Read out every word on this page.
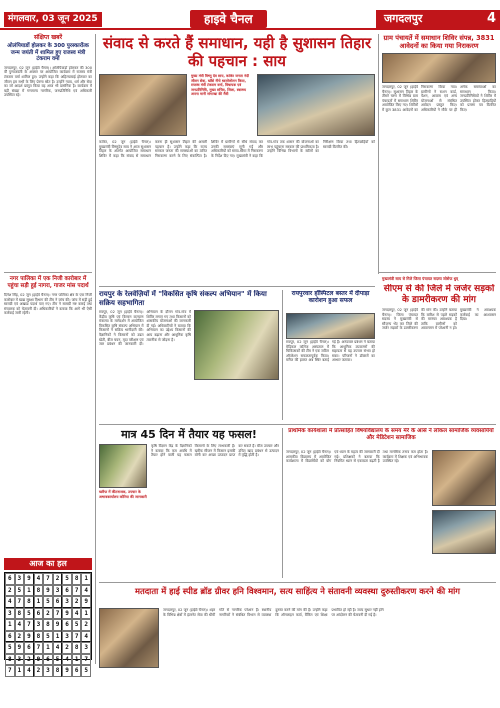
मंगलवार, 03 जून 2025	हाइवे चैनल	जगदलपुर	4
संक्षिप्त खबरें
ओलंपियाडों होलकर के 300 पुरस्कारोंत्क जन्म जयंती में शामिल हुए राजस्व मंत्री टंकराम वर्मा
जगदलपुर, 02 जून (हाईवे चैनल)। ओलंपियाडों होलकर की 300 वीं पुण्यजयंती के अवसर पर आयोजित कार्यक्रम में राजस्व मंत्री टंकराम वर्मा शामिल हुए। उन्होंने कहा कि अहिल्याबाई होलकर का जीवन हम सभी के लिए प्रेरणा स्रोत है। उन्होंने न्याय, धर्म और सेवा का जो आदर्श प्रस्तुत किया वह आज भी प्रासंगिक है। कार्यक्रम में बड़ी संख्या में गणमान्य नागरिक, जनप्रतिनिधि एवं अधिकारी उपस्थित रहे।
नगर पालिका में एक निजी कारोबार में पहुंचा सड़ी हुई नागरा, गाजर मांस पदार्थ
दिनेश सिंह, 02 जून (हाईवे चैनल)। नगर पालिका क्षेत्र के एक निजी कारोबार में खाद्य सुरक्षा विभाग की टीम ने जांच की। जांच में सड़ी हुई सामग्री एवं अखाद्य पदार्थ पाए गए। टीम ने सामग्री नष्ट कराई तथा संचालक को चेतावनी दी। अधिकारियों ने बताया कि आगे भी ऐसी कार्रवाई जारी रहेगी।
आज का हल
6 3 9 4 7 2 5 8 1
2 5 1 8 9 3 6 7 4
4 7 8 1 5 6 3 2 9
3 8 5 6 2 7 9 4 1
1 4 7 3 8 9 6 5 2
6 2 9 8 5 1 3 7 4
5 9 6 7 1 4 2 8 3
8 3 2 9 6 5 4 1 7
7 1 4 2 3 8 9 6 5
संवाद से करते हैं समाधान, यही है सुशासन तिहार की पहचान : साय
मुख्य मंत्री विष्णु देव साय, कांकेर जनता नंदी जीवन सेवा, खाँसे नीचे ध्वजोत्तोलन किया, राजस्व मंत्री टंकराम वर्मा, विधायक एवं जनप्रतिनिधि, मुख्य सचिव, जिला, स्वास्थ्य अपना मानी मांगाखा की मैत्री
कांकेर, 02 जून (हाईवे चैनल)। मुख्यमंत्री विष्णुदेव साय ने आज सुशासन तिहार के अंतर्गत आयोजित समाधान शिविर में कहा कि संवाद से समाधान करना ही सुशासन तिहार की असली पहचान है। उन्होंने कहा कि राज्य सरकार जनता की समस्याओं का त्वरित निराकरण करने के लिए संकल्पित है। शिविर में ग्रामीणों से सीधे संवाद कर उनकी समस्याएं सुनी गईं और अधिकारियों को समय-सीमा में निराकरण के निर्देश दिए गए। मुख्यमंत्री ने कहा कि गांव-गांव तक शासन की योजनाओं का लाभ पहुंचाना सरकार की प्राथमिकता है। उन्होंने विभिन्न विभागों के स्टॉलों का निरीक्षण किया तथा हितग्राहियों को सामग्री वितरित की।
रायपुर के रेलवेज़ियों में "विकसित कृषि संकल्प अभियान" में किया सक्रिय सहभागिता
रायपुर, 02 जून (हाईवे चैनल)। केंद्रीय कृषि एवं किसान कल्याण मंत्रालय के मार्गदर्शन में आयोजित विकसित कृषि संकल्प अभियान में किसानों ने सक्रिय भागीदारी की। वैज्ञानिकों ने किसानों को उन्नत खेती, बीज चयन, मृदा परीक्षण एवं जल प्रबंधन की जानकारी दी। अभियान के दौरान गांव-गांव में शिविर लगाए गए तथा किसानों को शासकीय योजनाओं की जानकारी दी गई। अधिकारियों ने बताया कि अभियान का उद्देश्य किसानों की आय बढ़ाना और आधुनिक कृषि तकनीक से जोड़ना है।
रायपुरवार हॉस्पिटल बस्तर में दीपाड़ा कारोशन हुआ सफल
रायपुर, 02 जून (हाईवे चैनल)। मेडिकल कॉलेज अस्पताल में चिकित्सकों की टीम ने एक जटिल ऑपरेशन सफलतापूर्वक किया। मरीज की हालत अब स्थिर बताई गई है। अस्पताल प्रबंधन ने बताया कि आधुनिक उपकरणों की सहायता से यह उपचार संभव हो सका। परिजनों ने डॉक्टरों का आभार जताया।
ग्राम पंचायतें में समाधान शिविर संपन्न, 3831 आवेदनों का किया गया निराकरण
जगदलपुर, 02 जून (हाईवे चैनल)। सुशासन तिहार के तीसरे चरण में विभिन्न ग्राम पंचायतों में समाधान शिविर आयोजित किए गए। शिविरों में कुल 3831 आवेदनों का निराकरण किया गया। ग्रामीणों ने राशन कार्ड, पेंशन, आवास एवं अन्य योजनाओं से संबंधित आवेदन प्रस्तुत किए। अधिकारियों ने मौके पर ही अनेक समस्याओं का समाधान किया। जनप्रतिनिधियों ने शिविर में उपस्थित होकर हितग्राहियों को प्रमाण पत्र वितरित किए।
मुख्यमंत्री साय से मिले जिला पंचायत सदस्य जोसेफ धुव्
सीएम से की जिले में जर्जर सड़कों के डामरीकरण की मांग
जगदलपुर, 02 जून (हाईवे चैनल)। जिला पंचायत सदस्य ने मुख्यमंत्री से सौजन्य भेंट कर जिले की जर्जर सड़कों के डामरीकरण की मांग की। उन्होंने बताया कि बारिश से पहले सड़कों की मरम्मत आवश्यक है ताकि ग्रामीणों को आवागमन में परेशानी न हो। मुख्यमंत्री ने आवश्यक कार्रवाई का आश्वासन दिया।
मात्र 45 दिन में तैयार यह फसल!
खरीफ में कीटनाशक, उपचार के अभावकार्यालय कोरिया की जानकारी
कृषि विज्ञान केंद्र के वैज्ञानिकों ने बताया कि कम अवधि में तैयार होने वाली यह फसल किसानों के लिए लाभकारी है। खरीफ सीजन में किसान इसकी बोनी कर अच्छा उत्पादन प्राप्त कर सकते हैं। बीज उपचार और उचित खाद प्रबंधन से उत्पादन में वृद्धि होती है।
प्राथमिक कार्यशाला में प्रोत्साहित विषयविद्यालय के समय मेरे के आसे ने लोकल सामाजिक व्यवसायियों और मेडिटेशन सामाजिक
जगदलपुर, 02 जून (हाईवे चैनल)। शासकीय विद्यालय में आयोजित कार्यशाला में विद्यार्थियों को योग एवं ध्यान के महत्व की जानकारी दी गई। प्रशिक्षकों ने बताया कि नियमित ध्यान से एकाग्रता बढ़ती है तथा मानसिक तनाव कम होता है। कार्यक्रम में शिक्षक एवं अभिभावक उपस्थित रहे।
मतदाता में हाई स्पीड ब्रॉड ग्रीवर हनि विश्वमान, सत्य साहिंत्य ने संतावनी व्यवस्था दुरुस्तीकरण करने की मांग
जगदलपुर, 02 जून (हाईवे चैनल)। शहर के विभिन्न क्षेत्रों में इंटरनेट सेवा की धीमी गति से नागरिक परेशान हैं। स्थानीय नागरिकों ने संबंधित विभाग से व्यवस्था दुरुस्त करने की मांग की है। उन्होंने कहा कि ऑनलाइन कार्य, बैंकिंग एवं शिक्षा प्रभावित हो रही है। जल्द सुधार नहीं होने पर आंदोलन की चेतावनी दी गई है।
